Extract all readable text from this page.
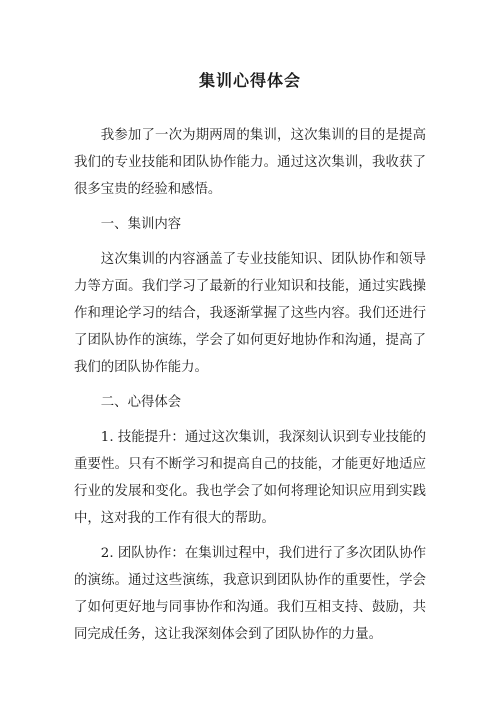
集训心得体会

我参加了一次为期两周的集训，这次集训的目的是提高我们的专业技能和团队协作能力。通过这次集训，我收获了很多宝贵的经验和感悟。

一、集训内容

这次集训的内容涵盖了专业技能知识、团队协作和领导力等方面。我们学习了最新的行业知识和技能，通过实践操作和理论学习的结合，我逐渐掌握了这些内容。我们还进行了团队协作的演练，学会了如何更好地协作和沟通，提高了我们的团队协作能力。

二、心得体会

1. 技能提升：通过这次集训，我深刻认识到专业技能的重要性。只有不断学习和提高自己的技能，才能更好地适应行业的发展和变化。我也学会了如何将理论知识应用到实践中，这对我的工作有很大的帮助。

2. 团队协作：在集训过程中，我们进行了多次团队协作的演练。通过这些演练，我意识到团队协作的重要性，学会了如何更好地与同事协作和沟通。我们互相支持、鼓励，共同完成任务，这让我深刻体会到了团队协作的力量。
